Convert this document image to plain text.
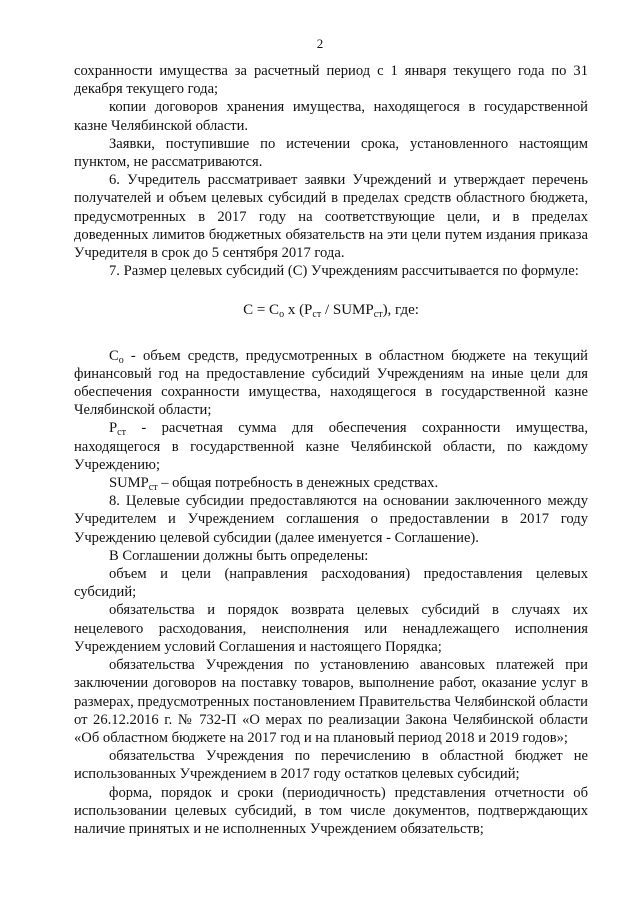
2

сохранности имущества за расчетный период с 1 января текущего года по 31 декабря текущего года;

копии договоров хранения имущества, находящегося в государственной казне Челябинской области.

Заявки, поступившие по истечении срока, установленного настоящим пунктом, не рассматриваются.

6. Учредитель рассматривает заявки Учреждений и утверждает перечень получателей и объем целевых субсидий в пределах средств областного бюджета, предусмотренных в 2017 году на соответствующие цели, и в пределах доведенных лимитов бюджетных обязательств на эти цели путем издания приказа Учредителя в срок до 5 сентября 2017 года.

7. Размер целевых субсидий (С) Учреждениям рассчитывается по формуле:

$С = С_о$ х ($Р_{ст}$ / $SUMP_{ст}$), где:

$С_о$ - объем средств, предусмотренных в областном бюджете на текущий финансовый год на предоставление субсидий Учреждениям на иные цели для обеспечения сохранности имущества, находящегося в государственной казне Челябинской области;

$Р_{ст}$ - расчетная сумма для обеспечения сохранности имущества, находящегося в государственной казне Челябинской области, по каждому Учреждению;

$SUMP_{ст}$ – общая потребность в денежных средствах.

8. Целевые субсидии предоставляются на основании заключенного между Учредителем и Учреждением соглашения о предоставлении в 2017 году Учреждению целевой субсидии (далее именуется - Соглашение).

В Соглашении должны быть определены:

объем и цели (направления расходования) предоставления целевых субсидий;

обязательства и порядок возврата целевых субсидий в случаях их нецелевого расходования, неисполнения или ненадлежащего исполнения Учреждением условий Соглашения и настоящего Порядка;

обязательства Учреждения по установлению авансовых платежей при заключении договоров на поставку товаров, выполнение работ, оказание услуг в размерах, предусмотренных постановлением Правительства Челябинской области от 26.12.2016 г. № 732-П «О мерах по реализации Закона Челябинской области «Об областном бюджете на 2017 год и на плановый период 2018 и 2019 годов»;

обязательства Учреждения по перечислению в областной бюджет не использованных Учреждением в 2017 году остатков целевых субсидий;

форма, порядок и сроки (периодичность) представления отчетности об использовании целевых субсидий, в том числе документов, подтверждающих наличие принятых и не исполненных Учреждением обязательств;
